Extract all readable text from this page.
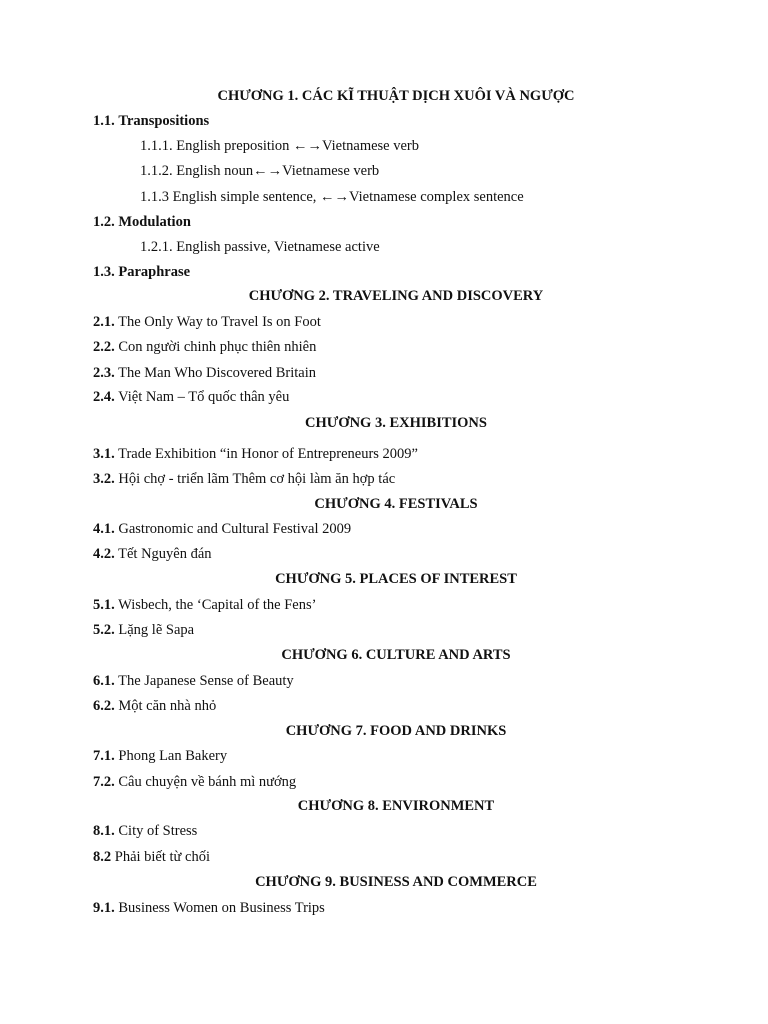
CHƯƠNG 1. CÁC KĨ THUẬT DỊCH XUÔI VÀ NGƯỢC
1.1. Transpositions
1.1.1. English preposition ←→Vietnamese verb
1.1.2. English noun←→Vietnamese verb
1.1.3 English simple sentence, ←→Vietnamese complex sentence
1.2. Modulation
1.2.1. English passive, Vietnamese active
1.3. Paraphrase
CHƯƠNG 2. TRAVELING AND DISCOVERY
2.1. The Only Way to Travel Is on Foot
2.2. Con người chinh phục thiên nhiên
2.3. The Man Who Discovered Britain
2.4. Việt Nam – Tổ quốc thân yêu
CHƯƠNG 3. EXHIBITIONS
3.1. Trade Exhibition “in Honor of Entrepreneurs 2009”
3.2. Hội chợ - triển lãm Thêm cơ hội làm ăn hợp tác
CHƯƠNG 4. FESTIVALS
4.1. Gastronomic and Cultural Festival 2009
4.2. Tết Nguyên đán
CHƯƠNG 5. PLACES OF INTEREST
5.1. Wisbech, the ‘Capital of the Fens’
5.2. Lặng lẽ Sapa
CHƯƠNG 6. CULTURE AND ARTS
6.1. The Japanese Sense of Beauty
6.2. Một căn nhà nhỏ
CHƯƠNG 7. FOOD AND DRINKS
7.1. Phong Lan Bakery
7.2. Câu chuyện về bánh mì nướng
CHƯƠNG 8. ENVIRONMENT
8.1. City of Stress
8.2 Phải biết từ chối
CHƯƠNG 9. BUSINESS AND COMMERCE
9.1. Business Women on Business Trips
